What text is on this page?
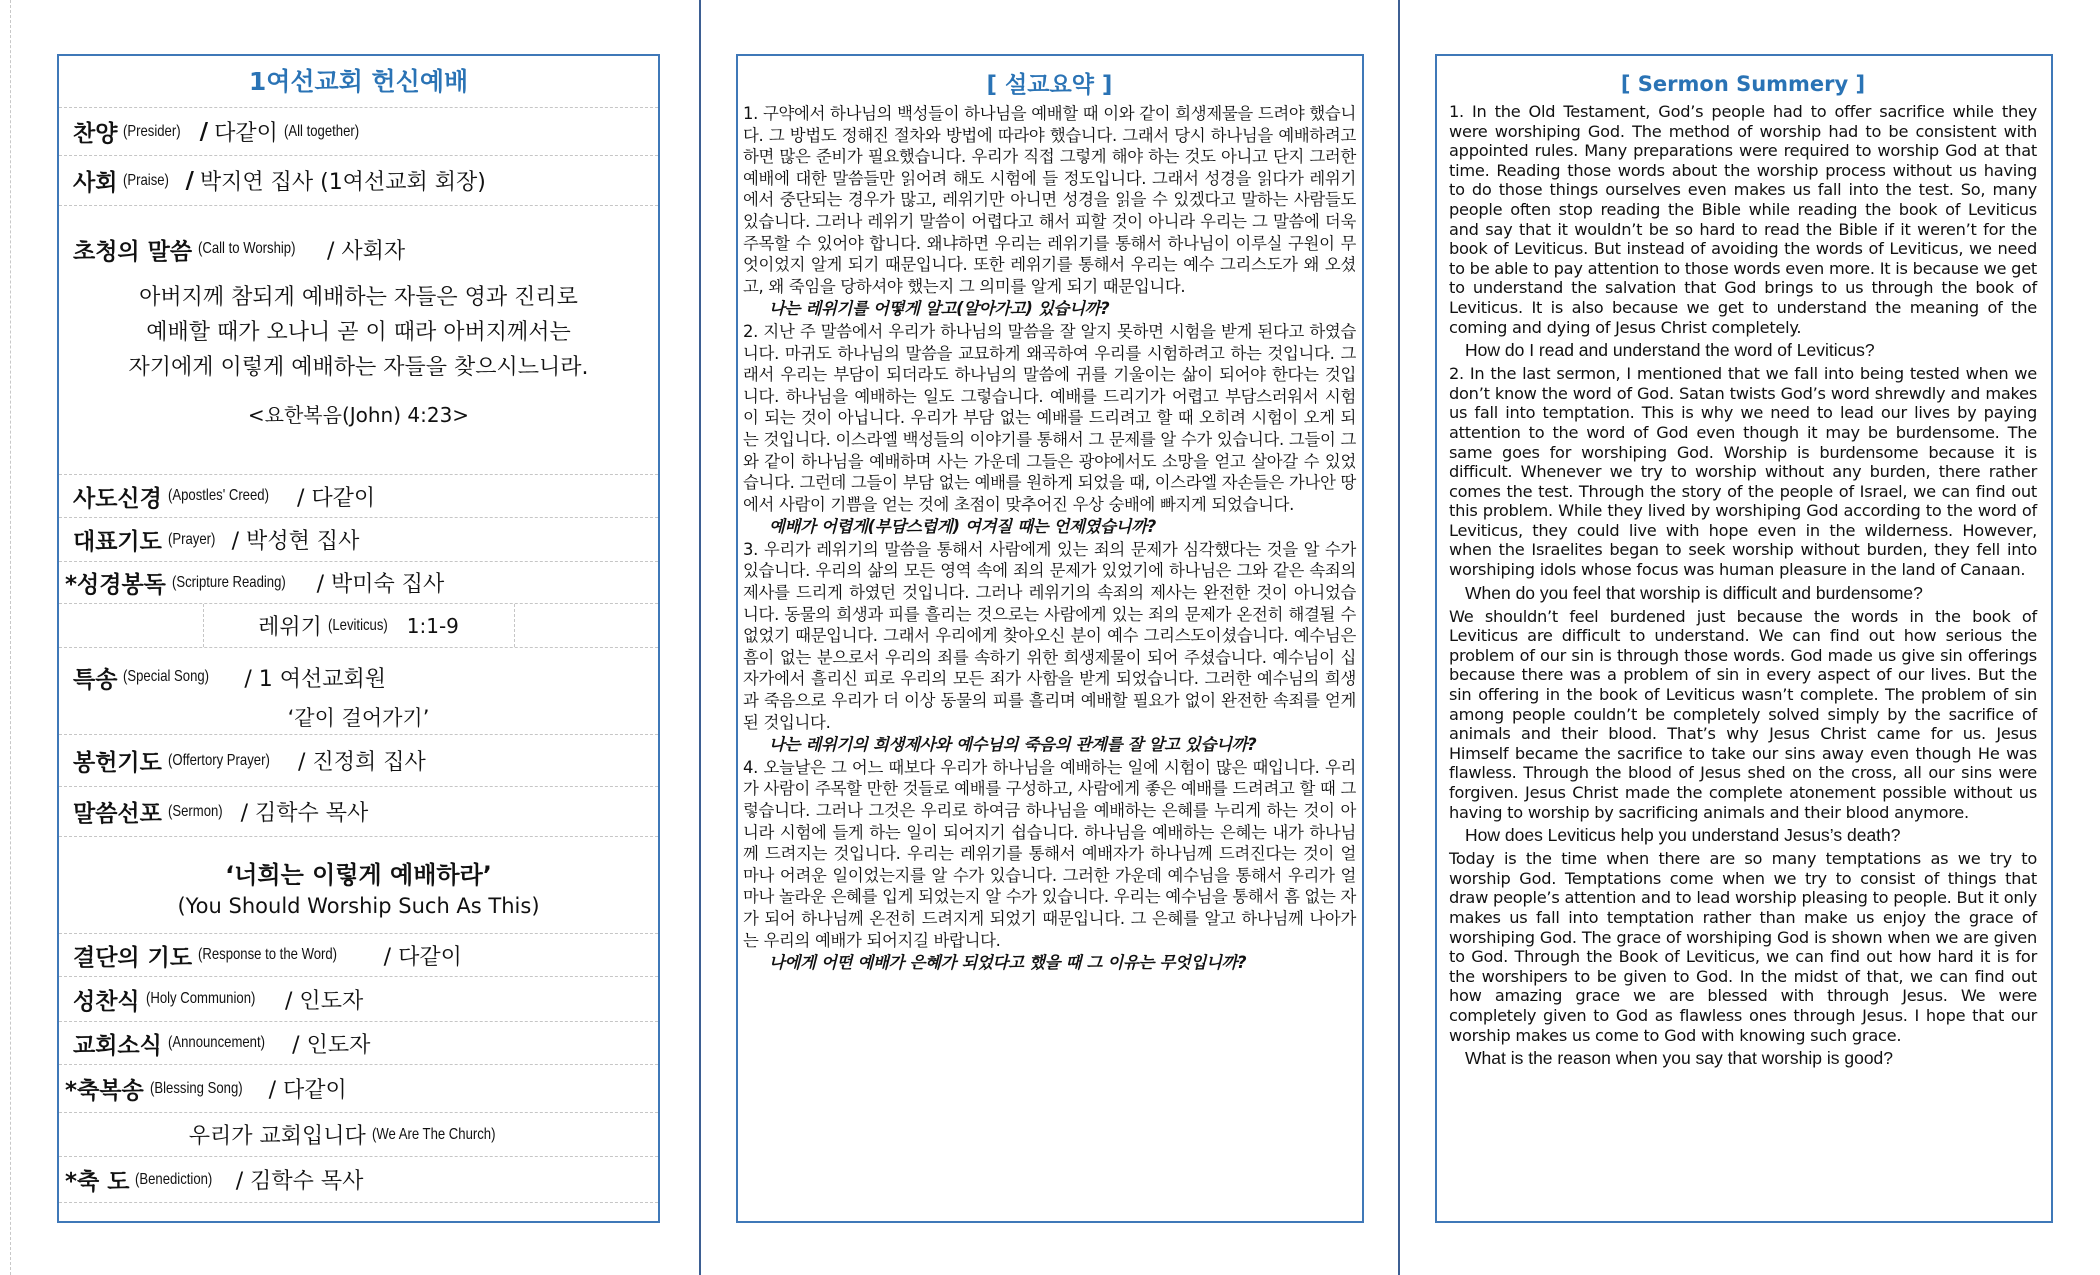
1여선교회 헌신예배
찬양 (Presider) / 다같이 (All together)
사회 (Praise) / 박지연 집사 (1여선교회 회장)
초청의 말씀 (Call to Worship) / 사회자
아버지께 참되게 예배하는 자들은 영과 진리로
예배할 때가 오나니 곧 이 때라 아버지께서는
자기에게 이렇게 예배하는 자들을 찾으시느니라.
<요한복음(John) 4:23>
사도신경 (Apostles' Creed) / 다같이
대표기도 (Prayer) / 박성현 집사
*성경봉독 (Scripture Reading) / 박미숙 집사
레위기 (Leviticus) 1:1-9
특송 (Special Song) / 1 여선교회원
‘같이 걸어가기’
봉헌기도 (Offertory Prayer) / 진정희 집사
말씀선포 (Sermon) / 김학수 목사
‘너희는 이렇게 예배하라’
(You Should Worship Such As This)
결단의 기도 (Response to the Word) / 다같이
성찬식 (Holy Communion) / 인도자
교회소식 (Announcement) / 인도자
*축복송 (Blessing Song) / 다같이
우리가 교회입니다 (We Are The Church)
*축 도 (Benediction) / 김학수 목사
[ 설교요약 ]

1. 구약에서 하나님의 백성들이 하나님을 예배할 때 이와 같이 희생제물을 드려야 했습니다. 그 방법도 정해진 절차와 방법에 따라야 했습니다. 그래서 당시 하나님을 예배하려고 하면 많은 준비가 필요했습니다. 우리가 직접 그렇게 해야 하는 것도 아니고 단지 그러한 예배에 대한 말씀들만 읽어려 해도 시험에 들 정도입니다. 그래서 성경을 읽다가 레위기에서 중단되는 경우가 많고, 레위기만 아니면 성경을 읽을 수 있겠다고 말하는 사람들도 있습니다. 그러나 레위기 말씀이 어렵다고 해서 피할 것이 아니라 우리는 그 말씀에 더욱 주목할 수 있어야 합니다. 왜냐하면 우리는 레위기를 통해서 하나님이 이루실 구원이 무엇이었지 알게 되기 때문입니다. 또한 레위기를 통해서 우리는 예수 그리스도가 왜 오셨고, 왜 죽임을 당하셔야 했는지 그 의미를 알게 되기 때문입니다.

나는 레위기를 어떻게 알고(알아가고) 있습니까?

2. 지난 주 말씀에서 우리가 하나님의 말씀을 잘 알지 못하면 시험을 받게 된다고 하였습니다. 마귀도 하나님의 말씀을 교묘하게 왜곡하여 우리를 시험하려고 하는 것입니다. 그래서 우리는 부담이 되더라도 하나님의 말씀에 귀를 기울이는 삶이 되어야 한다는 것입니다. 하나님을 예배하는 일도 그렇습니다. 예배를 드리기가 어렵고 부담스러워서 시험이 되는 것이 아닙니다. 우리가 부담 없는 예배를 드리려고 할 때 오히려 시험이 오게 되는 것입니다. 이스라엘 백성들의 이야기를 통해서 그 문제를 알 수가 있습니다. 그들이 그와 같이 하나님을 예배하며 사는 가운데 그들은 광야에서도 소망을 얻고 살아갈 수 있었습니다. 그런데 그들이 부담 없는 예배를 원하게 되었을 때, 이스라엘 자손들은 가나안 땅에서 사람이 기쁨을 얻는 것에 초점이 맞추어진 우상 숭배에 빠지게 되었습니다.

예배가 어렵게(부담스럽게) 여겨질 때는 언제였습니까?

3. 우리가 레위기의 말씀을 통해서 사람에게 있는 죄의 문제가 심각했다는 것을 알 수가 있습니다. 우리의 삶의 모든 영역 속에 죄의 문제가 있었기에 하나님은 그와 같은 속죄의 제사를 드리게 하였던 것입니다. 그러나 레위기의 속죄의 제사는 완전한 것이 아니었습니다. 동물의 희생과 피를 흘리는 것으로는 사람에게 있는 죄의 문제가 온전히 해결될 수 없었기 때문입니다. 그래서 우리에게 찾아오신 분이 예수 그리스도이셨습니다. 예수님은 흠이 없는 분으로서 우리의 죄를 속하기 위한 희생제물이 되어 주셨습니다. 예수님이 십자가에서 흘리신 피로 우리의 모든 죄가 사함을 받게 되었습니다. 그러한 예수님의 희생과 죽음으로 우리가 더 이상 동물의 피를 흘리며 예배할 필요가 없이 완전한 속죄를 얻게 된 것입니다.

나는 레위기의 희생제사와 예수님의 죽음의 관계를 잘 알고 있습니까?

4. 오늘날은 그 어느 때보다 우리가 하나님을 예배하는 일에 시험이 많은 때입니다. 우리가 사람이 주목할 만한 것들로 예배를 구성하고, 사람에게 좋은 예배를 드려려고 할 때 그렇습니다. 그러나 그것은 우리로 하여금 하나님을 예배하는 은혜를 누리게 하는 것이 아니라 시험에 들게 하는 일이 되어지기 쉽습니다. 하나님을 예배하는 은혜는 내가 하나님께 드려지는 것입니다. 우리는 레위기를 통해서 예배자가 하나님께 드려진다는 것이 얼마나 어려운 일이었는지를 알 수가 있습니다. 그러한 가운데 예수님을 통해서 우리가 얼마나 놀라운 은혜를 입게 되었는지 알 수가 있습니다. 우리는 예수님을 통해서 흠 없는 자가 되어 하나님께 온전히 드려지게 되었기 때문입니다. 그 은혜를 알고 하나님께 나아가는 우리의 예배가 되어지길 바랍니다.

나에게 어떤 예배가 은혜가 되었다고 했을 때 그 이유는 무엇입니까?

[ Sermon Summery ]

1. In the Old Testament, God’s people had to offer sacrifice while they were worshiping God. The method of worship had to be consistent with appointed rules. Many preparations were required to worship God at that time. Reading those words about the worship process without us having to do those things ourselves even makes us fall into the test. So, many people often stop reading the Bible while reading the book of Leviticus and say that it wouldn’t be so hard to read the Bible if it weren’t for the book of Leviticus. But instead of avoiding the words of Leviticus, we need to be able to pay attention to those words even more. It is because we get to understand the salvation that God brings to us through the book of Leviticus. It is also because we get to understand the meaning of the coming and dying of Jesus Christ completely.

How do I read and understand the word of Leviticus?

2. In the last sermon, I mentioned that we fall into being tested when we don’t know the word of God. Satan twists God’s word shrewdly and makes us fall into temptation. This is why we need to lead our lives by paying attention to the word of God even though it may be burdensome. The same goes for worshiping God. Worship is burdensome because it is difficult. Whenever we try to worship without any burden, there rather comes the test. Through the story of the people of Israel, we can find out this problem. While they lived by worshiping God according to the word of Leviticus, they could live with hope even in the wilderness. However, when the Israelites began to seek worship without burden, they fell into worshiping idols whose focus was human pleasure in the land of Canaan.

When do you feel that worship is difficult and burdensome?

We shouldn’t feel burdened just because the words in the book of Leviticus are difficult to understand. We can find out how serious the problem of our sin is through those words. God made us give sin offerings because there was a problem of sin in every aspect of our lives. But the sin offering in the book of Leviticus wasn’t complete. The problem of sin among people couldn’t be completely solved simply by the sacrifice of animals and their blood. That’s why Jesus Christ came for us. Jesus Himself became the sacrifice to take our sins away even though He was flawless. Through the blood of Jesus shed on the cross, all our sins were forgiven. Jesus Christ made the complete atonement possible without us having to worship by sacrificing animals and their blood anymore.

How does Leviticus help you understand Jesus’s death?

Today is the time when there are so many temptations as we try to worship God. Temptations come when we try to consist of things that draw people’s attention and to lead worship pleasing to people. But it only makes us fall into temptation rather than make us enjoy the grace of worshiping God. The grace of worshiping God is shown when we are given to God. Through the Book of Leviticus, we can find out how hard it is for the worshipers to be given to God. In the midst of that, we can find out how amazing grace we are blessed with through Jesus. We were completely given to God as flawless ones through Jesus. I hope that our worship makes us come to God with knowing such grace.

What is the reason when you say that worship is good?
